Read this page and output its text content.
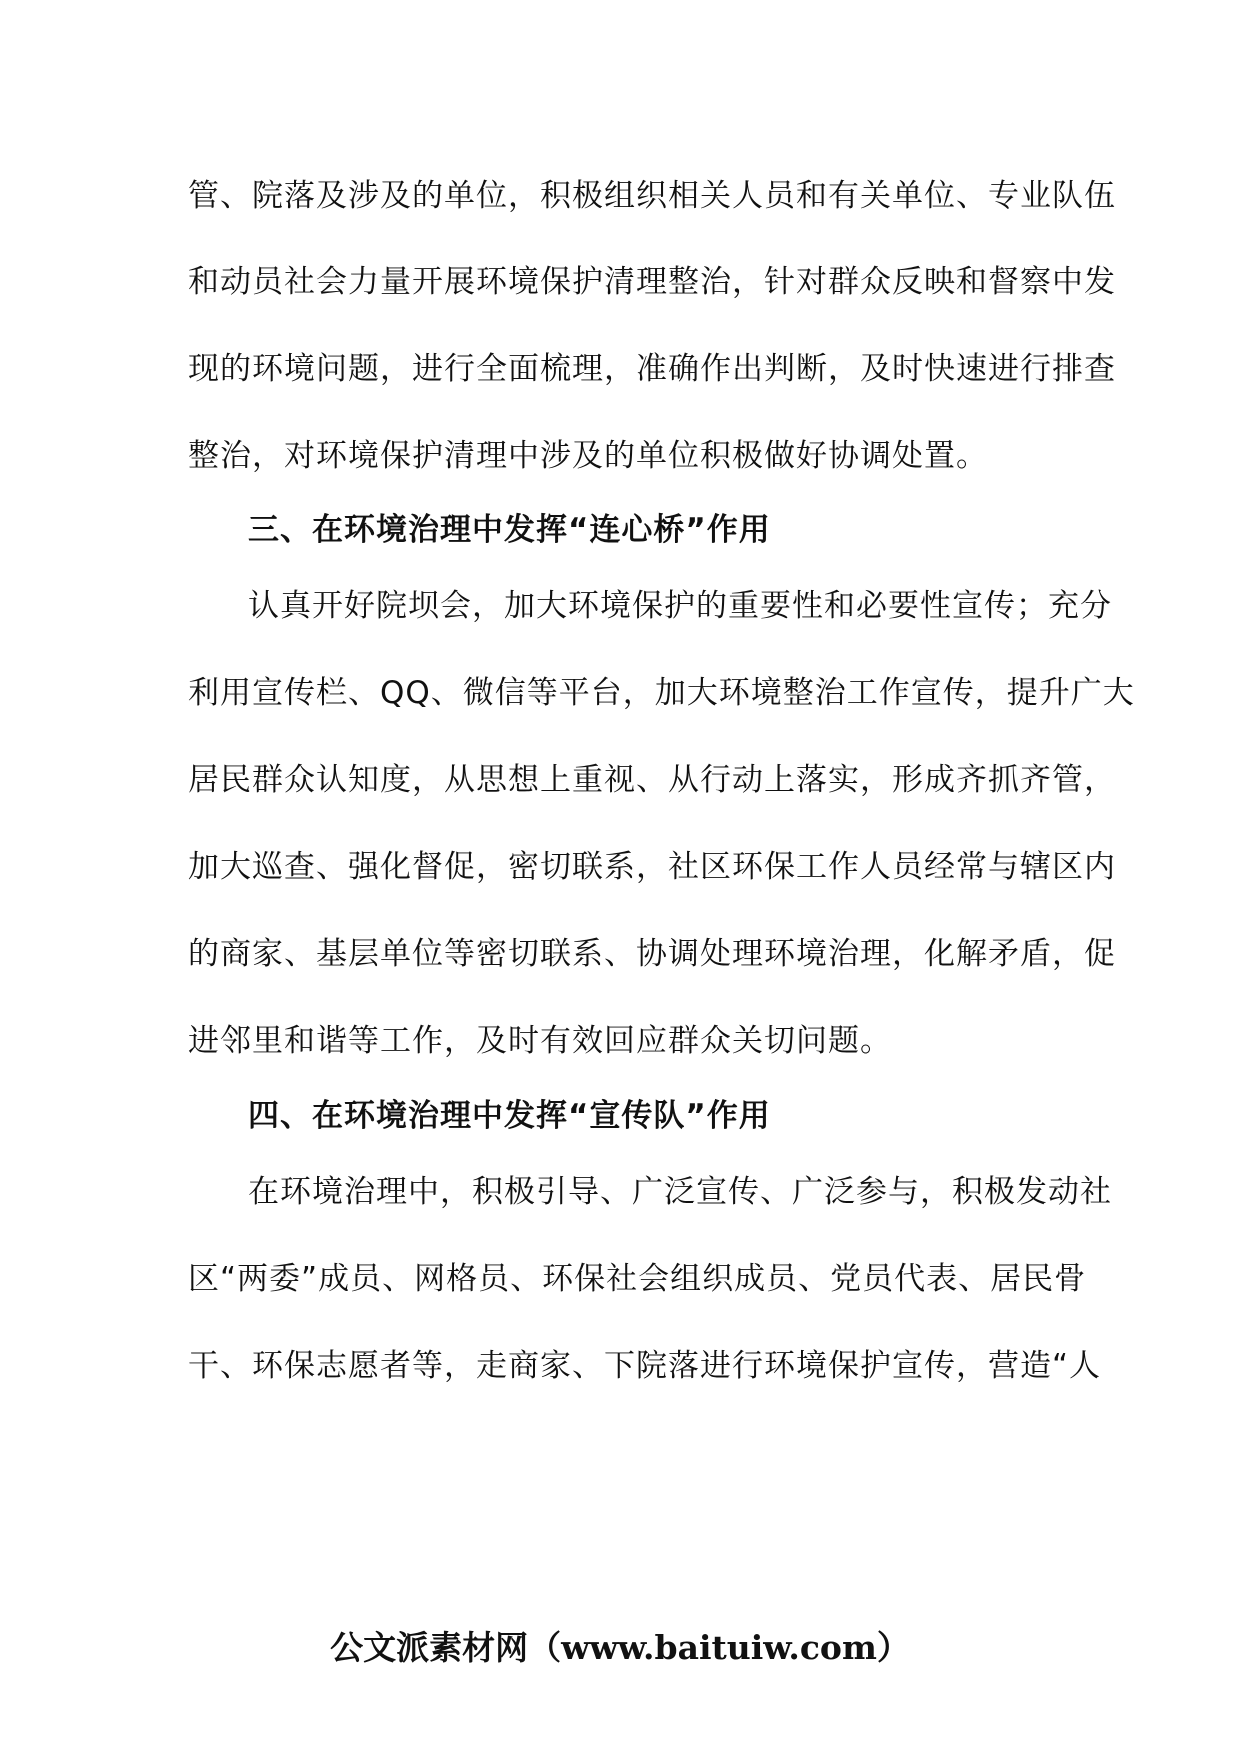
管、院落及涉及的单位，积极组织相关人员和有关单位、专业队伍
和动员社会力量开展环境保护清理整治，针对群众反映和督察中发
现的环境问题，进行全面梳理，准确作出判断，及时快速进行排查
整治，对环境保护清理中涉及的单位积极做好协调处置。
三、在环境治理中发挥“连心桥”作用
认真开好院坝会，加大环境保护的重要性和必要性宣传；充分
利用宣传栏、QQ、微信等平台，加大环境整治工作宣传，提升广大
居民群众认知度，从思想上重视、从行动上落实，形成齐抓齐管，
加大巡查、强化督促，密切联系，社区环保工作人员经常与辖区内
的商家、基层单位等密切联系、协调处理环境治理，化解矛盾，促
进邻里和谐等工作，及时有效回应群众关切问题。
四、在环境治理中发挥“宣传队”作用
在环境治理中，积极引导、广泛宣传、广泛参与，积极发动社
区“两委”成员、网格员、环保社会组织成员、党员代表、居民骨
干、环保志愿者等，走商家、下院落进行环境保护宣传，营造“人
公文派素材网（www.baituiw.com）
